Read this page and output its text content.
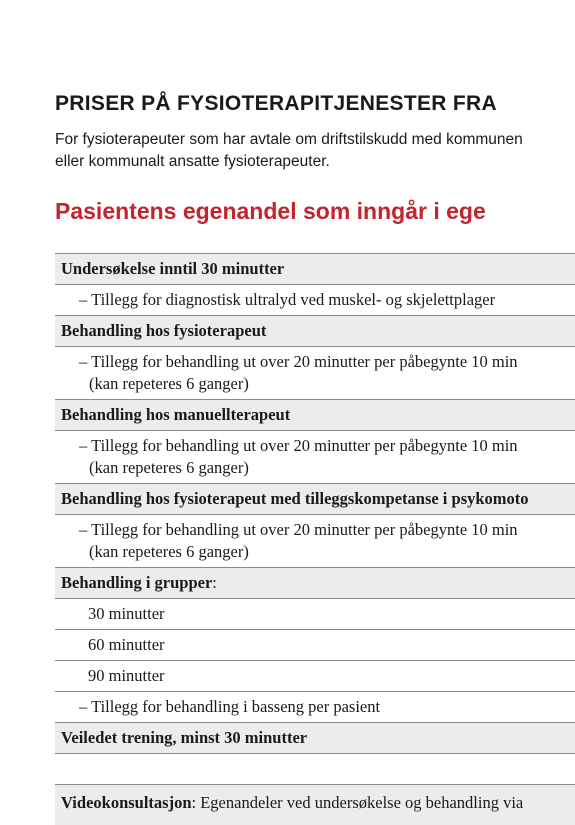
PRISER PÅ FYSIOTERAPITJENESTER FRA
For fysioterapeuter som har avtale om driftstilskudd med kommunen
eller kommunalt ansatte fysioterapeuter.
Pasientens egenandel som inngår i ege
Undersøkelse inntil 30 minutter
– Tillegg for diagnostisk ultralyd ved muskel- og skjelettplager
Behandling hos fysioterapeut
– Tillegg for behandling ut over 20 minutter per påbegynte 10 min
(kan repeteres 6 ganger)
Behandling hos manuellterapeut
– Tillegg for behandling ut over 20 minutter per påbegynte 10 min
(kan repeteres 6 ganger)
Behandling hos fysioterapeut med tilleggskompetanse i psykomoto
– Tillegg for behandling ut over 20 minutter per påbegynte 10 min
(kan repeteres 6 ganger)
Behandling i grupper:
30 minutter
60 minutter
90 minutter
– Tillegg for behandling i basseng per pasient
Veiledet trening, minst 30 minutter
Videokonsultasjon: Egenandeler ved undersøkelse og behandling via
